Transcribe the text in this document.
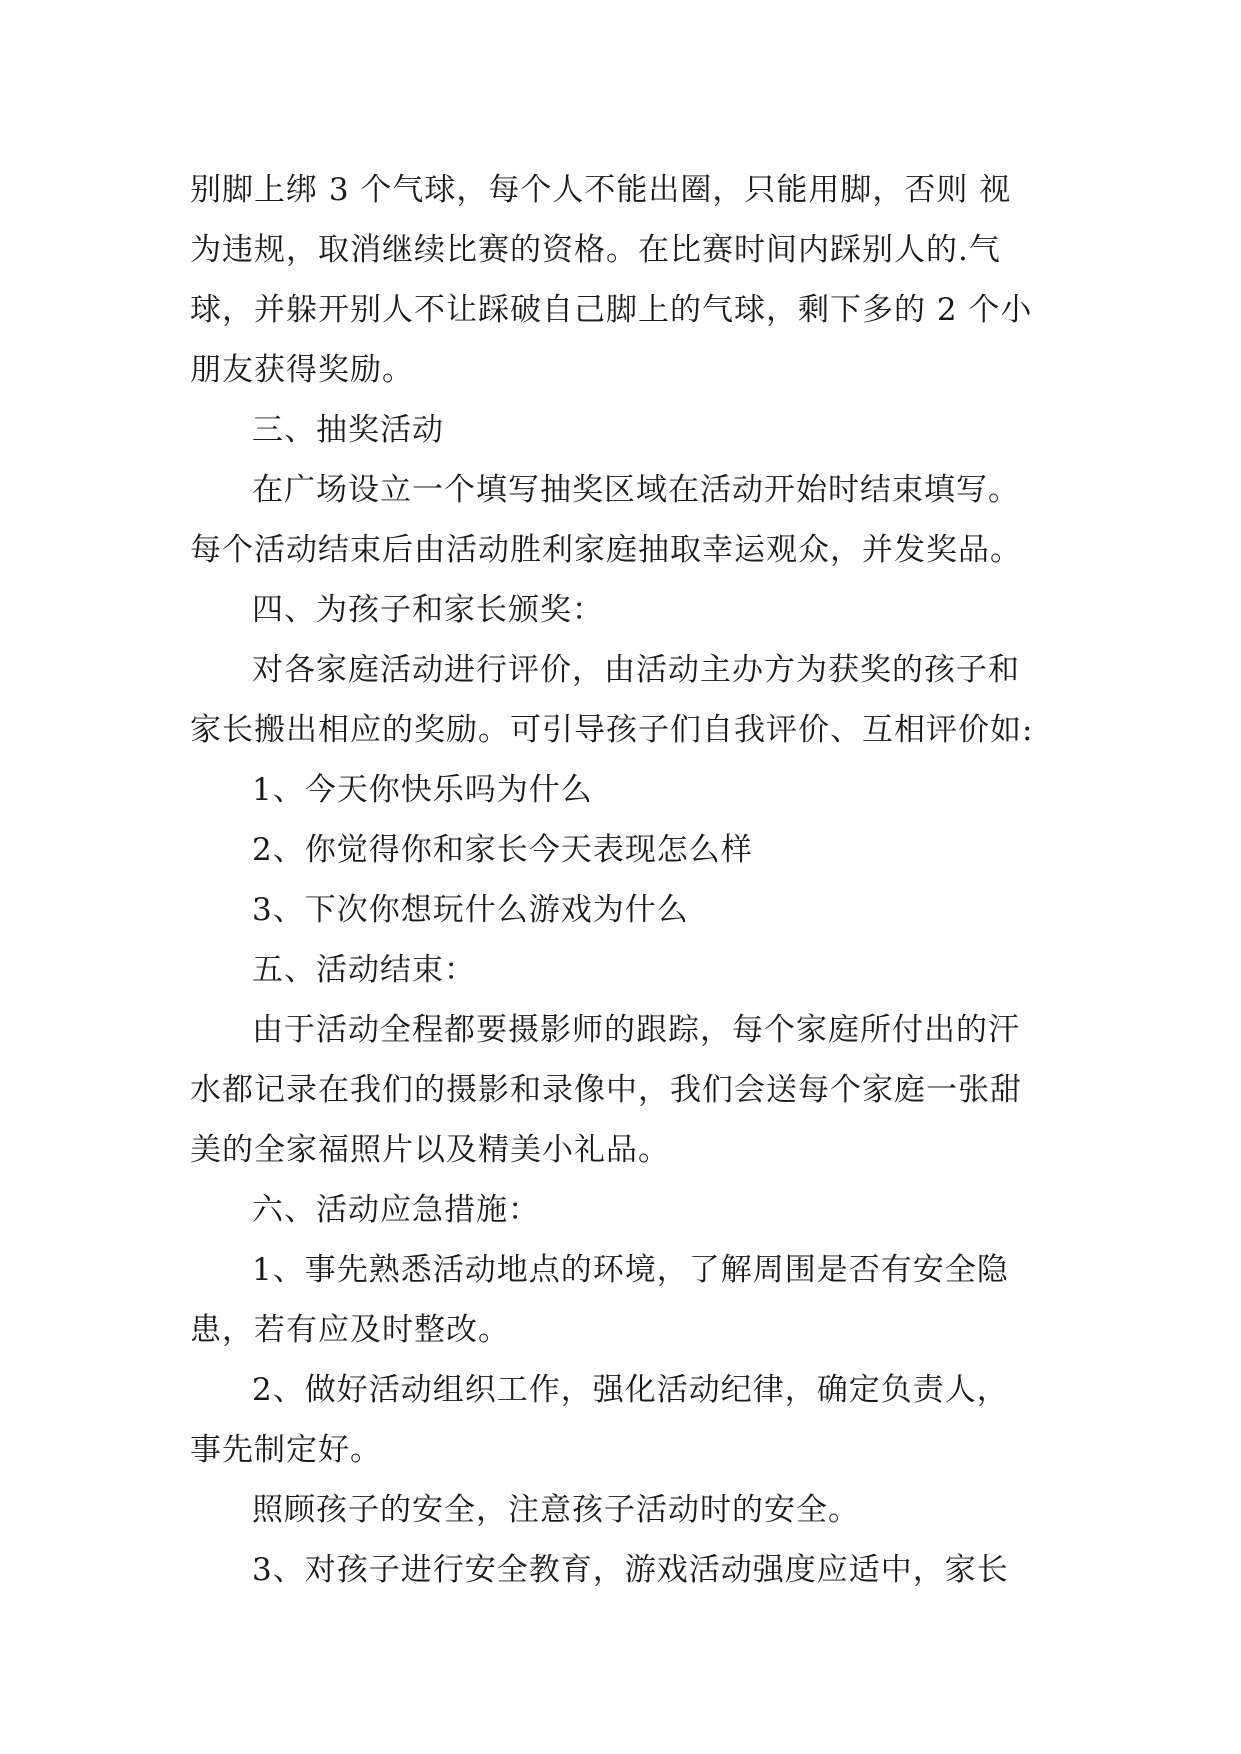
别脚上绑 3 个气球，每个人不能出圈，只能用脚，否则 视
为违规，取消继续比赛的资格。在比赛时间内踩别人的.气
球，并躲开别人不让踩破自己脚上的气球，剩下多的 2 个小
朋友获得奖励。
三、抽奖活动
在广场设立一个填写抽奖区域在活动开始时结束填写。
每个活动结束后由活动胜利家庭抽取幸运观众，并发奖品。
四、为孩子和家长颁奖：
对各家庭活动进行评价，由活动主办方为获奖的孩子和
家长搬出相应的奖励。可引导孩子们自我评价、互相评价如:
1、今天你快乐吗为什么
2、你觉得你和家长今天表现怎么样
3、下次你想玩什么游戏为什么
五、活动结束：
由于活动全程都要摄影师的跟踪，每个家庭所付出的汗
水都记录在我们的摄影和录像中，我们会送每个家庭一张甜
美的全家福照片以及精美小礼品。
六、活动应急措施：
1、事先熟悉活动地点的环境，了解周围是否有安全隐
患，若有应及时整改。
2、做好活动组织工作，强化活动纪律，确定负责人，
事先制定好。
照顾孩子的安全，注意孩子活动时的安全。
3、对孩子进行安全教育，游戏活动强度应适中，家长
